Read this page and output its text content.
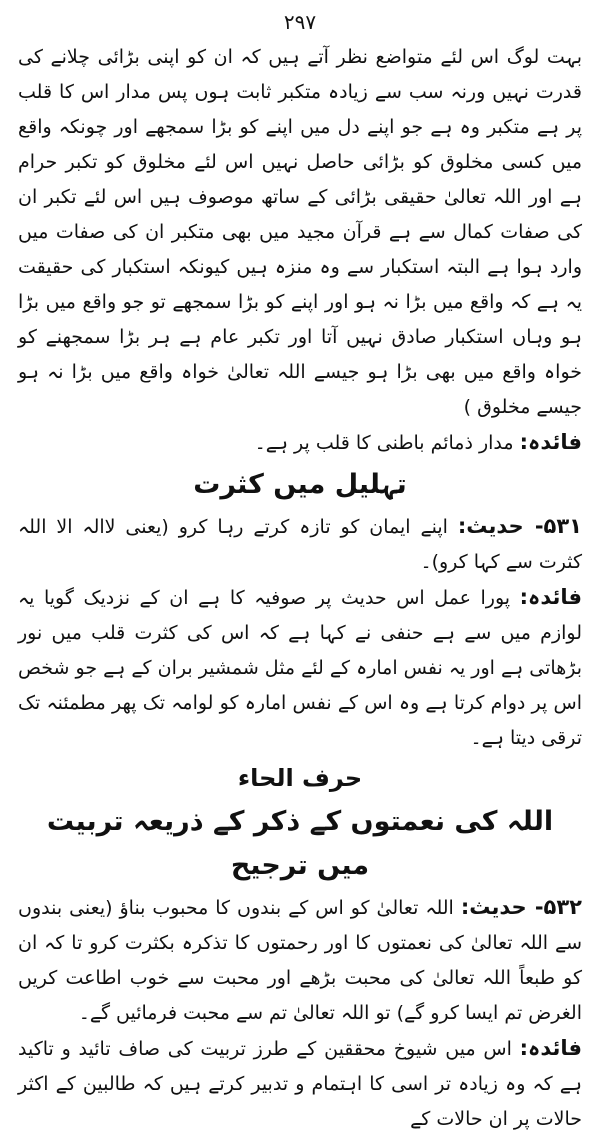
۲۹۷

بہت لوگ اس لئے متواضع نظر آتے ہیں کہ ان کو اپنی بڑائی چلانے کی قدرت نہیں ورنہ سب سے زیادہ متکبر ثابت ہوں پس مدار اس کا قلب پر ہے متکبر وہ ہے جو اپنے دل میں اپنے کو بڑا سمجھے اور چونکہ واقع میں کسی مخلوق کو بڑائی حاصل نہیں اس لئے مخلوق کو تکبر حرام ہے اور اللہ تعالیٰ حقیقی بڑائی کے ساتھ موصوف ہیں اس لئے تکبر ان کی صفات کمال سے ہے قرآن مجید میں بھی متکبر ان کی صفات میں وارد ہوا ہے البتہ استکبار سے وہ منزہ ہیں کیونکہ استکبار کی حقیقت یہ ہے کہ واقع میں بڑا نہ ہو اور اپنے کو بڑا سمجھے تو جو واقع میں بڑا ہو وہاں استکبار صادق نہیں آتا اور تکبر عام ہے ہر بڑا سمجھنے کو خواہ واقع میں بھی بڑا ہو جیسے اللہ تعالیٰ خواہ واقع میں بڑا نہ ہو جیسے مخلوق )

فائدہ: مدار ذمائم باطنی کا قلب پر ہے۔

تہلیل میں کثرت

۵۳۱- حدیث: اپنے ایمان کو تازہ کرتے رہا کرو (یعنی لاالہ الا اللہ کثرت سے کہا کرو)۔

فائدہ: پورا عمل اس حدیث پر صوفیہ کا ہے ان کے نزدیک گویا یہ لوازم میں سے ہے حنفی نے کہا ہے کہ اس کی کثرت قلب میں نور بڑھاتی ہے اور یہ نفس امارہ کے لئے مثل شمشیر بران کے ہے جو شخص اس پر دوام کرتا ہے وہ اس کے نفس امارہ کو لوامہ تک پھر مطمئنہ تک ترقی دیتا ہے۔

حرف الحاء
اللہ کی نعمتوں کے ذکر کے ذریعہ تربیت میں ترجیح

۵۳۲- حدیث: اللہ تعالیٰ کو اس کے بندوں کا محبوب بناؤ (یعنی بندوں سے اللہ تعالیٰ کی نعمتوں کا اور رحمتوں کا تذکرہ بکثرت کرو تا کہ ان کو طبعاً اللہ تعالیٰ کی محبت بڑھے اور محبت سے خوب اطاعت کریں الغرض تم ایسا کرو گے) تو اللہ تعالیٰ تم سے محبت فرمائیں گے۔

فائدہ: اس میں شیوخ محققین کے طرز تربیت کی صاف تائید و تاکید ہے کہ وہ زیادہ تر اسی کا اہتمام و تدبیر کرتے ہیں کہ طالبین کے اکثر حالات پر ان حالات کے
